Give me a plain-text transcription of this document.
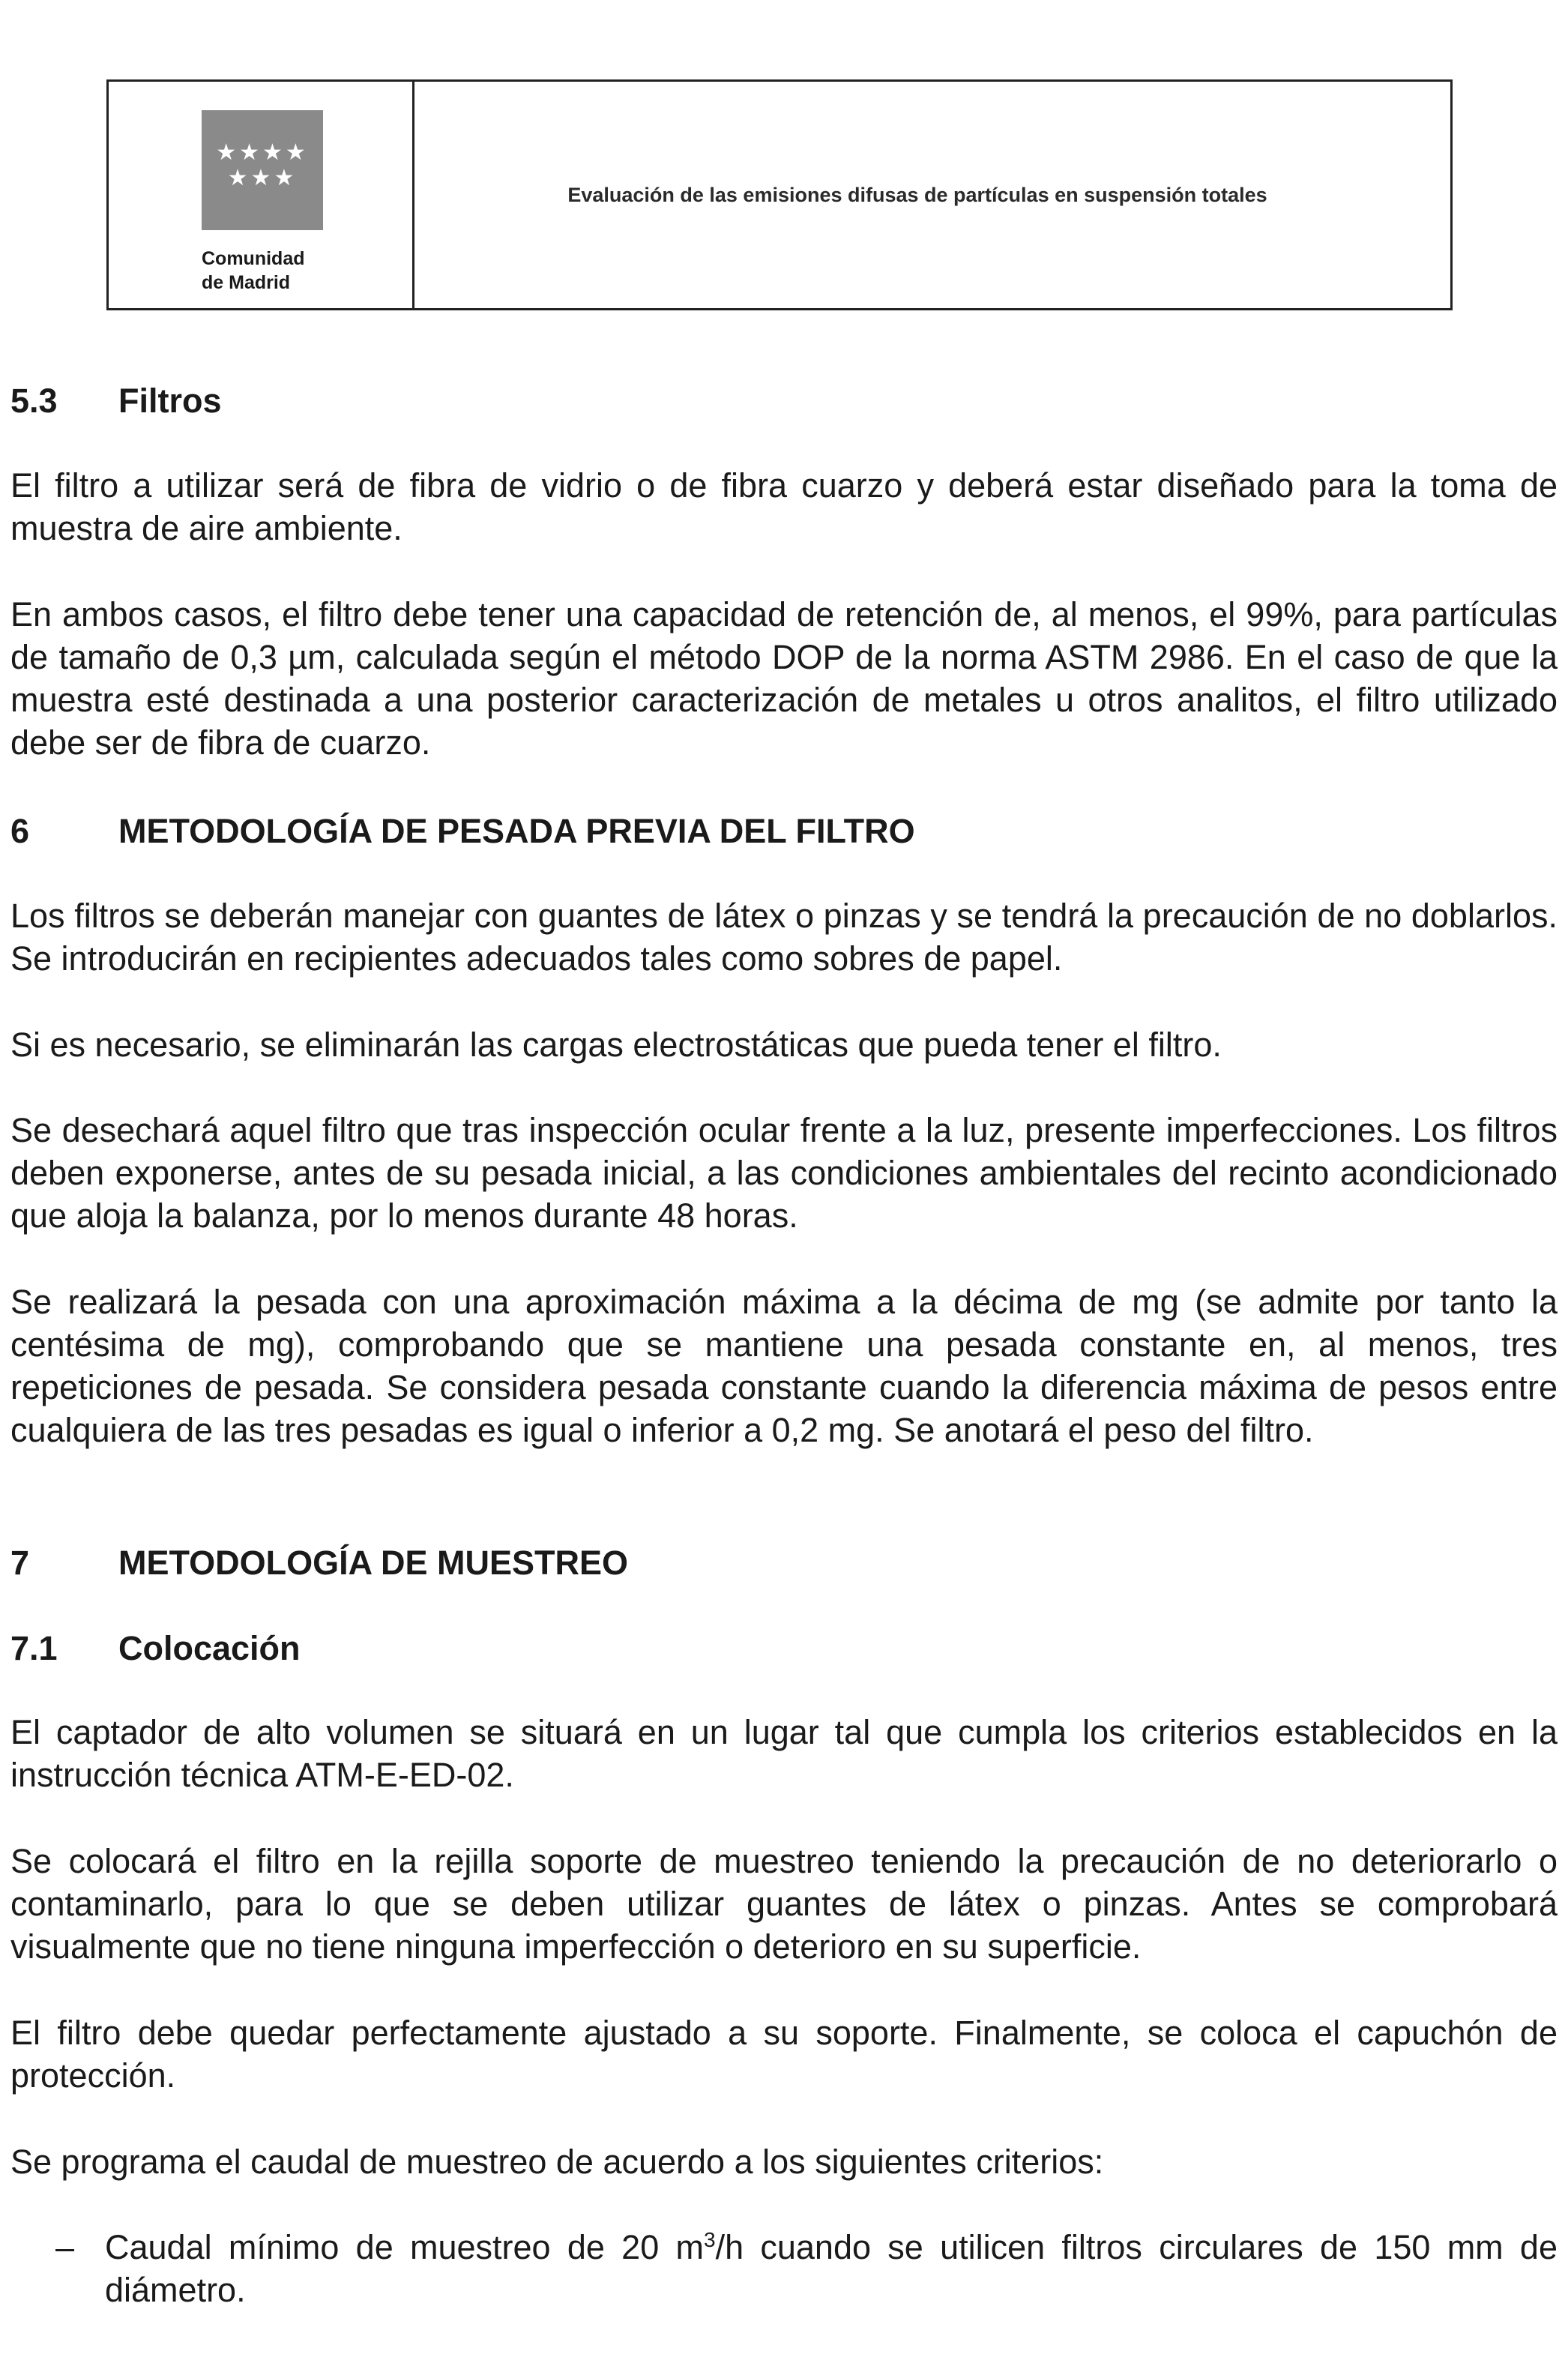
★★★★
★★★
Comunidad
de Madrid
Evaluación de las emisiones difusas de partículas en suspensión totales
5.3 Filtros

El filtro a utilizar será de fibra de vidrio o de fibra cuarzo y deberá estar diseñado para la toma de muestra de aire ambiente.

En ambos casos, el filtro debe tener una capacidad de retención de, al menos, el 99%, para partículas de tamaño de 0,3 µm, calculada según el método DOP de la norma ASTM 2986. En el caso de que la muestra esté destinada a una posterior caracterización de metales u otros analitos, el filtro utilizado debe ser de fibra de cuarzo.

6	METODOLOGÍA DE PESADA PREVIA DEL FILTRO

Los filtros se deberán manejar con guantes de látex o pinzas y se tendrá la precaución de no doblarlos. Se introducirán en recipientes adecuados tales como sobres de papel.

Si es necesario, se eliminarán las cargas electrostáticas que pueda tener el filtro.

Se desechará aquel filtro que tras inspección ocular frente a la luz, presente imperfecciones. Los filtros deben exponerse, antes de su pesada inicial, a las condiciones ambientales del recinto acondicionado que aloja la balanza, por lo menos durante 48 horas.

Se realizará la pesada con una aproximación máxima a la décima de mg (se admite por tanto la centésima de mg), comprobando que se mantiene una pesada constante en, al menos, tres repeticiones de pesada. Se considera pesada constante cuando la diferencia máxima de pesos entre cualquiera de las tres pesadas es igual o inferior a 0,2 mg. Se anotará el peso del filtro.

7	METODOLOGÍA DE MUESTREO
7.1 Colocación

El captador de alto volumen se situará en un lugar tal que cumpla los criterios establecidos en la instrucción técnica ATM-E-ED-02.

Se colocará el filtro en la rejilla soporte de muestreo teniendo la precaución de no deteriorarlo o contaminarlo, para lo que se deben utilizar guantes de látex o pinzas. Antes se comprobará visualmente que no tiene ninguna imperfección o deterioro en su superficie.

El filtro debe quedar perfectamente ajustado a su soporte. Finalmente, se coloca el capuchón de protección.

Se programa el caudal de muestreo de acuerdo a los siguientes criterios:

– Caudal mínimo de muestreo de 20 $m^3/h$ cuando se utilicen filtros circulares de 150 mm de diámetro.
